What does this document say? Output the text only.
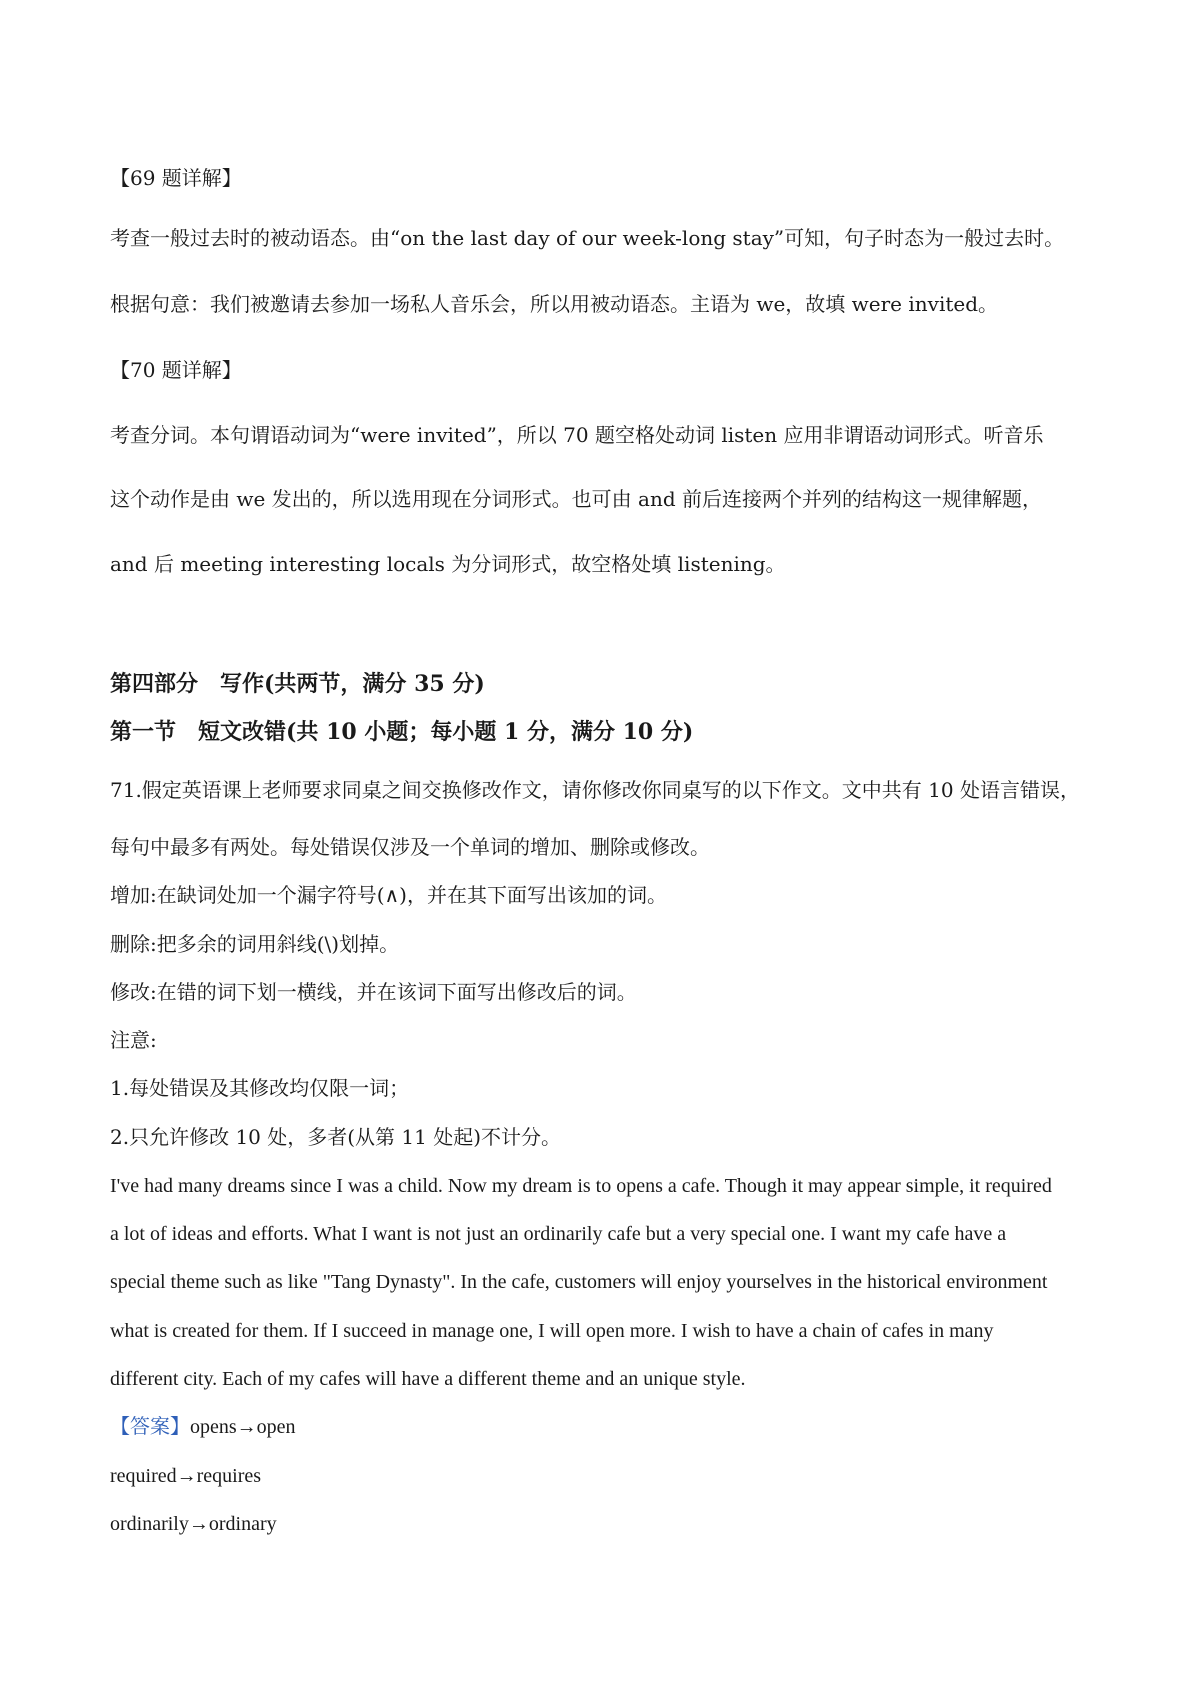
【69 题详解】
考查一般过去时的被动语态。由“on the last day of our week-long stay”可知，句子时态为一般过去时。
根据句意：我们被邀请去参加一场私人音乐会，所以用被动语态。主语为 we，故填 were invited。
【70 题详解】
考查分词。本句谓语动词为“were invited”，所以 70 题空格处动词 listen 应用非谓语动词形式。听音乐
这个动作是由 we 发出的，所以选用现在分词形式。也可由 and 前后连接两个并列的结构这一规律解题，
and 后 meeting interesting locals 为分词形式，故空格处填 listening。
第四部分　写作(共两节，满分 35 分)
第一节　短文改错(共 10 小题；每小题 1 分，满分 10 分)
71.假定英语课上老师要求同桌之间交换修改作文，请你修改你同桌写的以下作文。文中共有 10 处语言错误，
每句中最多有两处。每处错误仅涉及一个单词的增加、删除或修改。
增加:在缺词处加一个漏字符号(∧)，并在其下面写出该加的词。
删除:把多余的词用斜线(\)划掉。
修改:在错的词下划一横线，并在该词下面写出修改后的词。
注意:
1.每处错误及其修改均仅限一词；
2.只允许修改 10 处，多者(从第 11 处起)不计分。
I've had many dreams since I was a child. Now my dream is to opens a cafe. Though it may appear simple, it required
a lot of ideas and efforts. What I want is not just an ordinarily cafe but a very special one. I want my cafe have a
special theme such as like "Tang Dynasty". In the cafe, customers will enjoy yourselves in the historical environment
what is created for them. If I succeed in manage one, I will open more. I wish to have a chain of cafes in many
different city. Each of my cafes will have a different theme and an unique style.
【答案】opens→open
required→requires
ordinarily→ordinary
